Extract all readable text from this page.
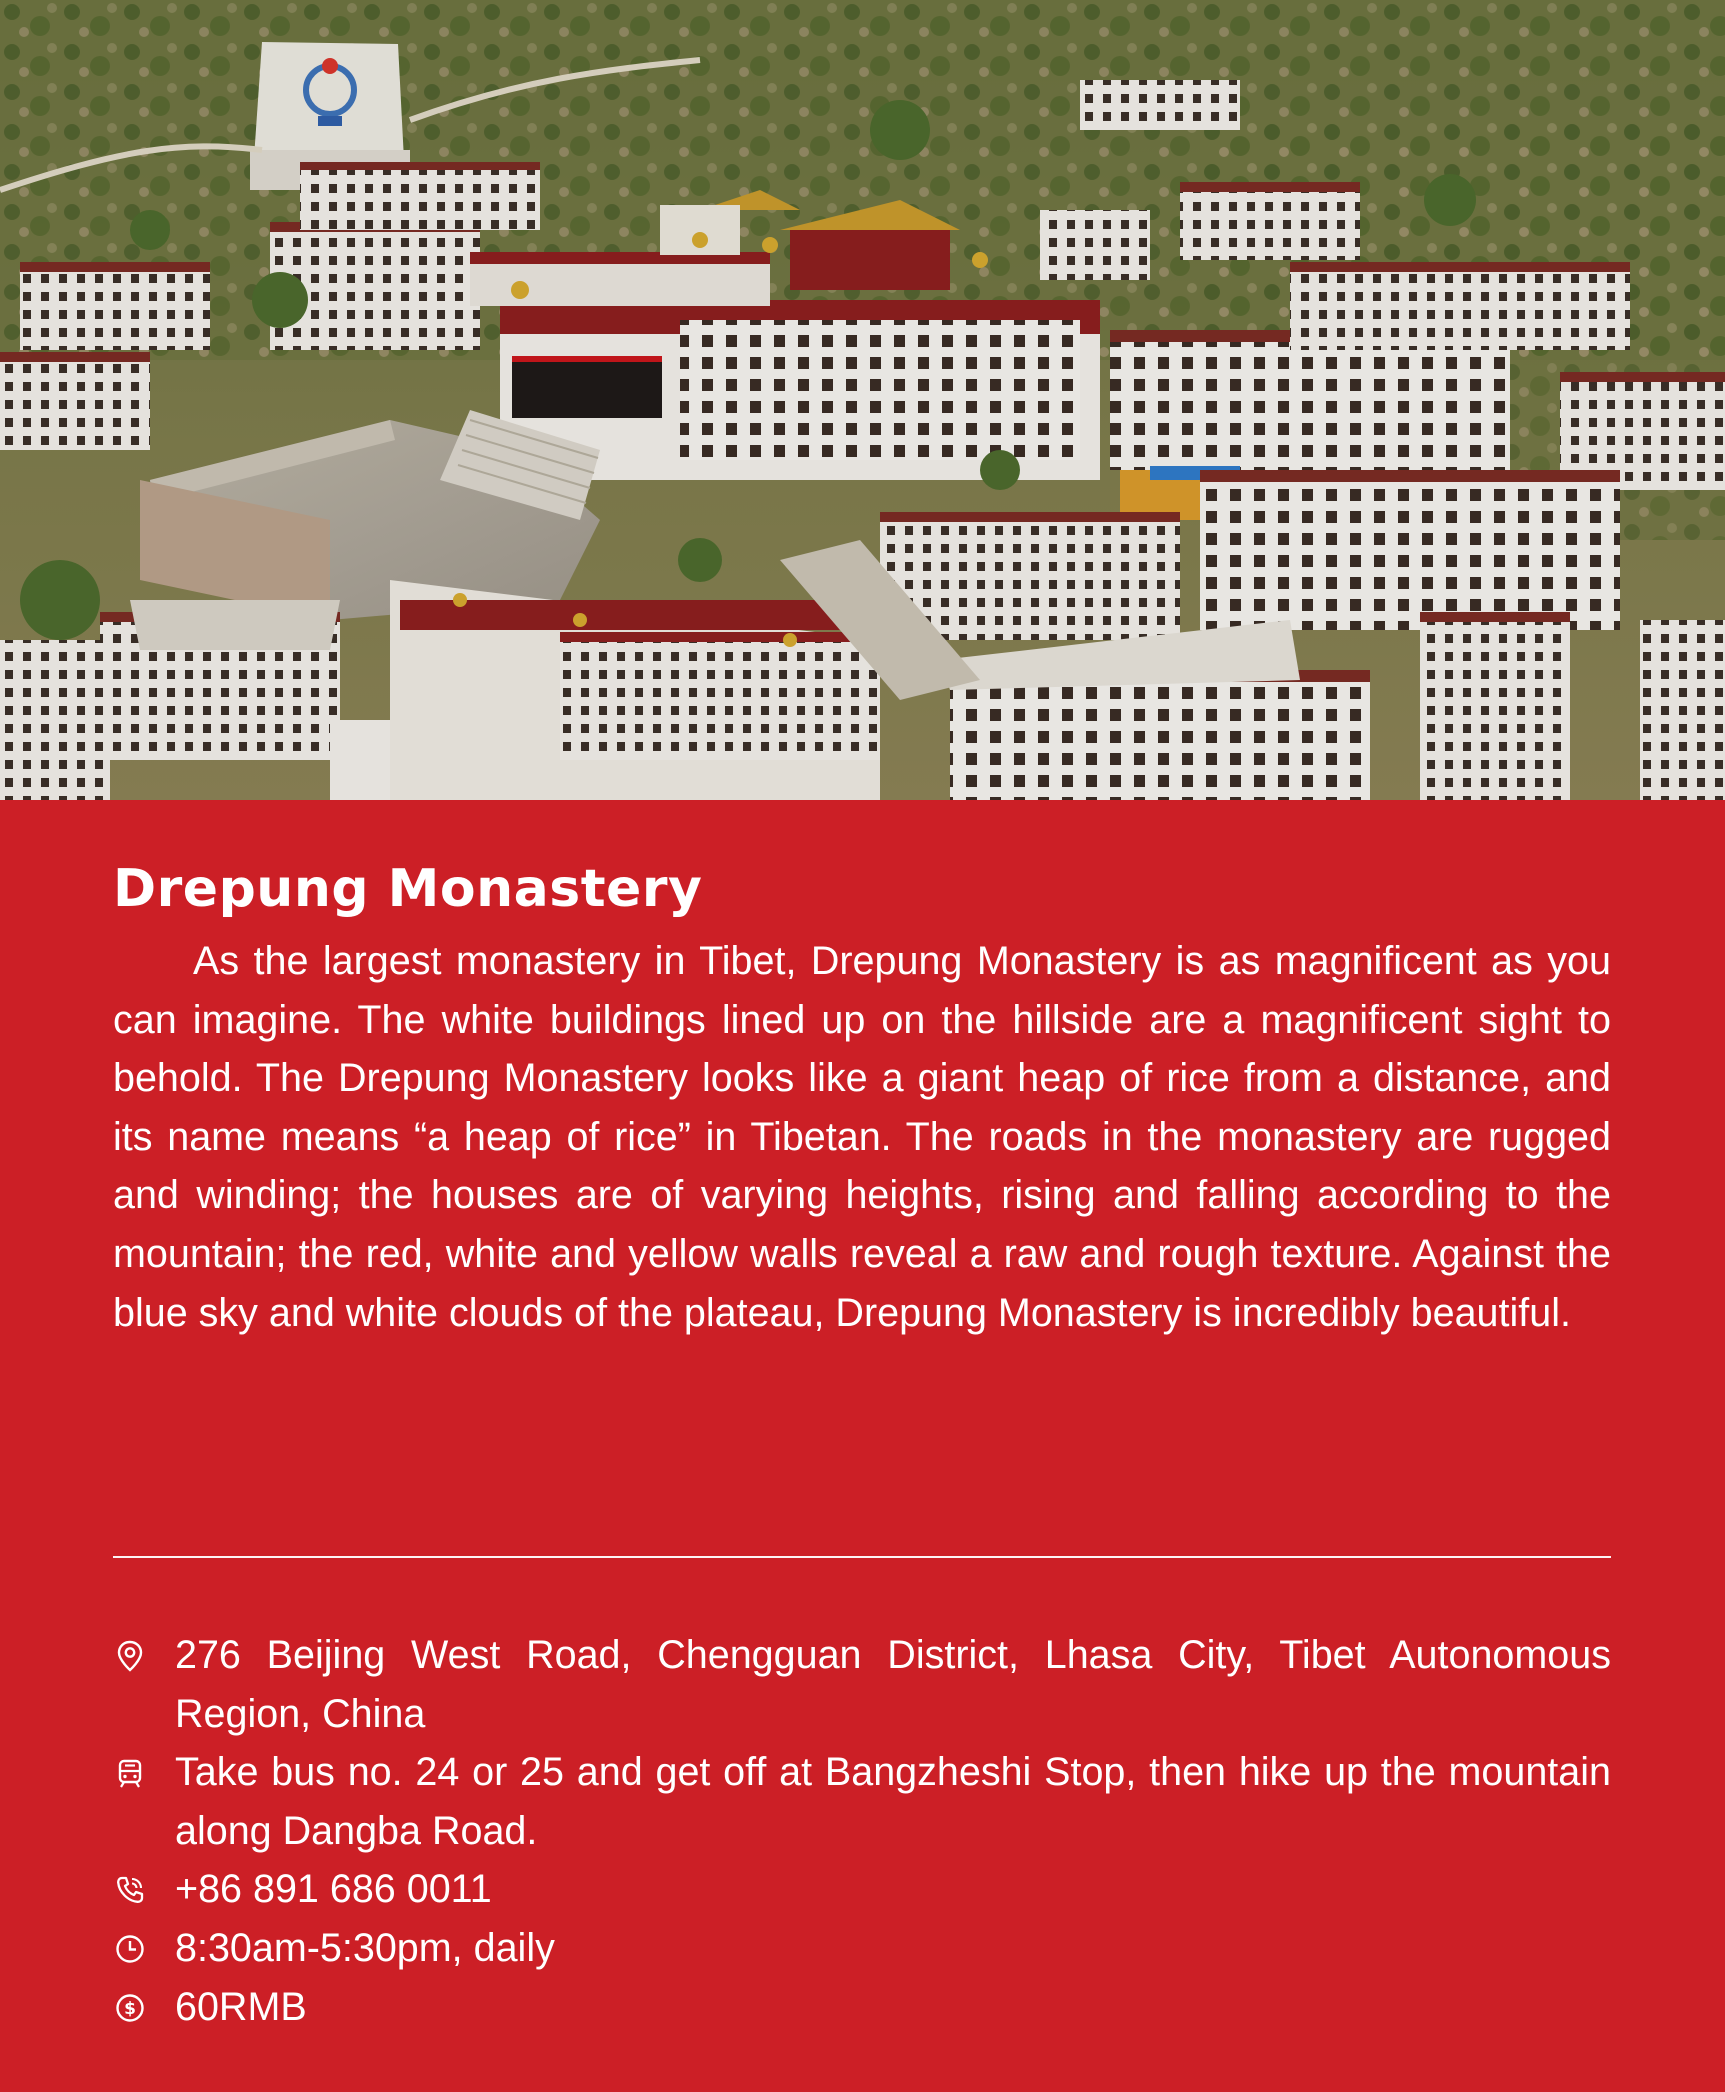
Drepung Monastery

As the largest monastery in Tibet, Drepung Monastery is as magnificent as you can imagine. The white buildings lined up on the hillside are a magnificent sight to behold. The Drepung Monastery looks like a giant heap of rice from a distance, and its name means “a heap of rice” in Tibetan. The roads in the monastery are rugged and winding; the houses are of varying heights, rising and falling according to the mountain; the red, white and yellow walls reveal a raw and rough texture. Against the blue sky and white clouds of the plateau, Drepung Monastery is incredibly beautiful.

276 Beijing West Road, Chengguan District, Lhasa City, Tibet Autonomous Region, China
Take bus no. 24 or 25 and get off at Bangzheshi Stop, then hike up the mountain along Dangba Road.
+86 891 686 0011
8:30am-5:30pm, daily
$ 60RMB
